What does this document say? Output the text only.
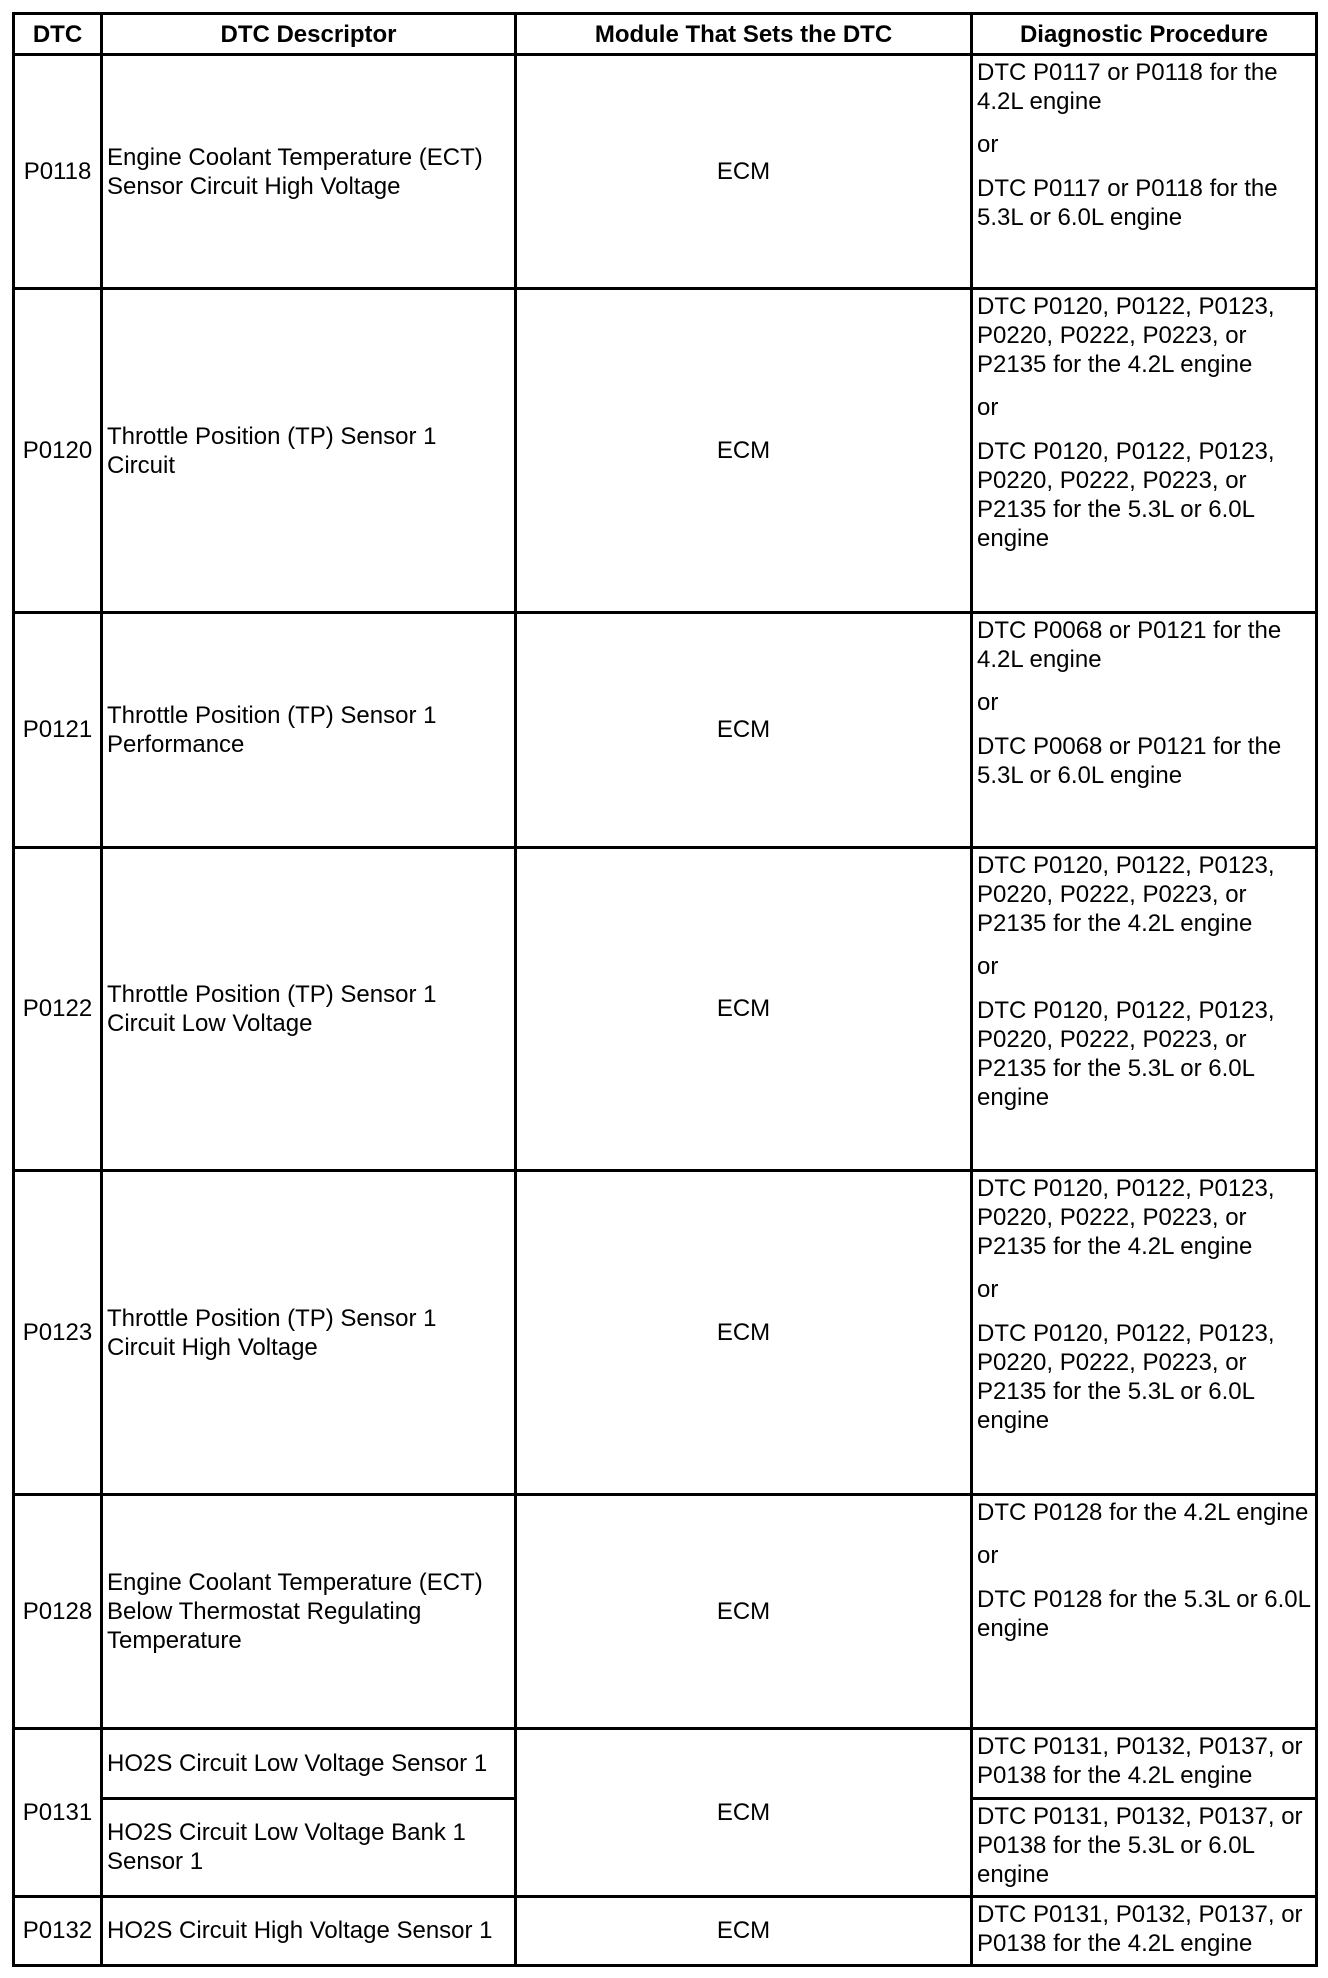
DTC	DTC Descriptor	Module That Sets the DTC	Diagnostic Procedure
P0118	Engine Coolant Temperature (ECT) Sensor Circuit High Voltage	ECM	DTC P0117 or P0118 for the 4.2L engine
or
DTC P0117 or P0118 for the 5.3L or 6.0L engine

P0120	Throttle Position (TP) Sensor 1 Circuit	ECM	DTC P0120, P0122, P0123, P0220, P0222, P0223, or P2135 for the 4.2L engine
or
DTC P0120, P0122, P0123, P0220, P0222, P0223, or P2135 for the 5.3L or 6.0L engine

P0121	Throttle Position (TP) Sensor 1 Performance	ECM	DTC P0068 or P0121 for the 4.2L engine
or
DTC P0068 or P0121 for the 5.3L or 6.0L engine

P0122	Throttle Position (TP) Sensor 1 Circuit Low Voltage	ECM	DTC P0120, P0122, P0123, P0220, P0222, P0223, or P2135 for the 4.2L engine
or
DTC P0120, P0122, P0123, P0220, P0222, P0223, or P2135 for the 5.3L or 6.0L engine

P0123	Throttle Position (TP) Sensor 1 Circuit High Voltage	ECM	DTC P0120, P0122, P0123, P0220, P0222, P0223, or P2135 for the 4.2L engine
or
DTC P0120, P0122, P0123, P0220, P0222, P0223, or P2135 for the 5.3L or 6.0L engine

P0128	Engine Coolant Temperature (ECT) Below Thermostat Regulating Temperature	ECM	DTC P0128 for the 4.2L engine
or
DTC P0128 for the 5.3L or 6.0L engine

P0131	HO2S Circuit Low Voltage Sensor 1	ECM	DTC P0131, P0132, P0137, or P0138 for the 4.2L engine
	HO2S Circuit Low Voltage Bank 1 Sensor 1		DTC P0131, P0132, P0137, or P0138 for the 5.3L or 6.0L engine
P0132	HO2S Circuit High Voltage Sensor 1	ECM	DTC P0131, P0132, P0137, or P0138 for the 4.2L engine
